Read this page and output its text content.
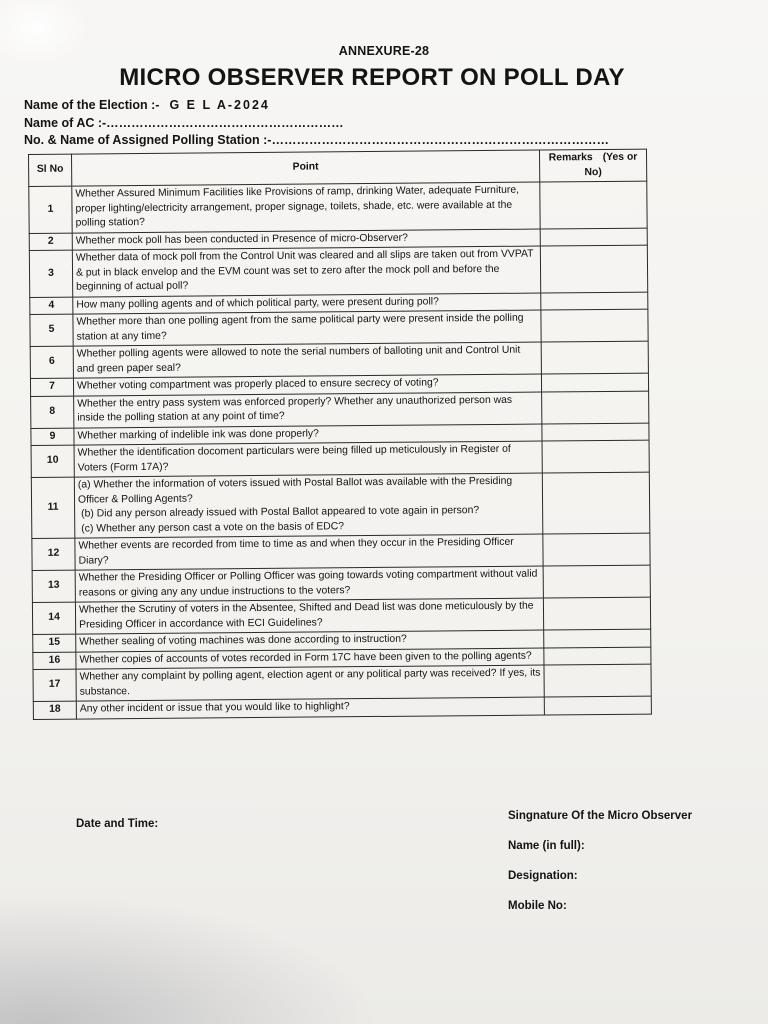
ANNEXURE-28
MICRO OBSERVER REPORT ON POLL DAY
Name of the Election :- G E L A-2024
Name of AC :-…………………………………………………
No. & Name of Assigned Polling Station :-………………………………………………………………………
Sl No	Point	Remarks (Yes or No)
1	Whether Assured Minimum Facilities like Provisions of ramp, drinking Water, adequate Furniture, proper lighting/electricity arrangement, proper signage, toilets, shade, etc. were available at the polling station?	
2	Whether mock poll has been conducted in Presence of micro-Observer?	
3	Whether data of mock poll from the Control Unit was cleared and all slips are taken out from VVPAT & put in black envelop and the EVM count was set to zero after the mock poll and before the beginning of actual poll?	
4	How many polling agents and of which political party, were present during poll?	
5	Whether more than one polling agent from the same political party were present inside the polling station at any time?	
6	Whether polling agents were allowed to note the serial numbers of balloting unit and Control Unit and green paper seal?	
7	Whether voting compartment was properly placed to ensure secrecy of voting?	
8	Whether the entry pass system was enforced properly? Whether any unauthorized person was inside the polling station at any point of time?	
9	Whether marking of indelible ink was done properly?	
10	Whether the identification docoment particulars were being filled up meticulously in Register of Voters (Form 17A)?	
11	(a) Whether the information of voters issued with Postal Ballot was available with the Presiding Officer & Polling Agents?
(b) Did any person already issued with Postal Ballot appeared to vote again in person?
(c) Whether any person cast a vote on the basis of EDC?	

12	Whether events are recorded from time to time as and when they occur in the Presiding Officer Diary?	
13	Whether the Presiding Officer or Polling Officer was going towards voting compartment without valid reasons or giving any any undue instructions to the voters?	
14	Whether the Scrutiny of voters in the Absentee, Shifted and Dead list was done meticulously by the Presiding Officer in accordance with ECI Guidelines?	
15	Whether sealing of voting machines was done according to instruction?	
16	Whether copies of accounts of votes recorded in Form 17C have been given to the polling agents?	
17	Whether any complaint by polling agent, election agent or any political party was received? If yes, its substance.	
18	Any other incident or issue that you would like to highlight?	
Date and Time:
Singnature Of the Micro Observer
Name (in full):
Designation:
Mobile No:
